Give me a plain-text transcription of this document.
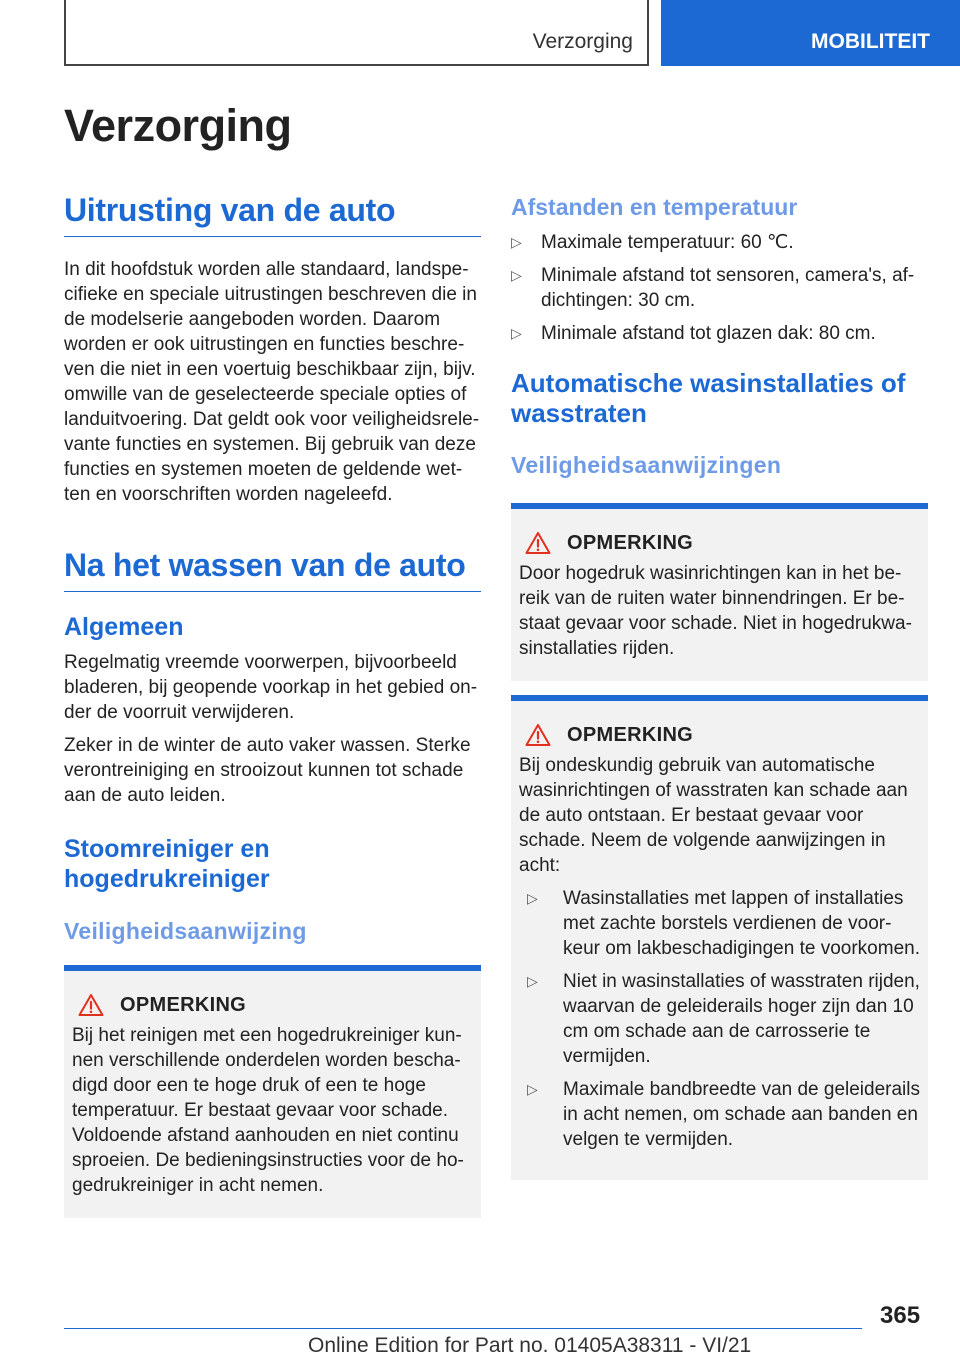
Verzorging	MOBILITEIT
Verzorging
Uitrusting van de auto

In dit hoofdstuk worden alle standaard, landspecifieke en speciale uitrustingen beschreven die in de modelserie aangeboden worden. Daarom worden er ook uitrustingen en functies beschreven die niet in een voertuig beschikbaar zijn, bijv. omwille van de geselecteerde speciale opties of landuitvoering. Dat geldt ook voor veiligheidsrelevante functies en systemen. Bij gebruik van deze functies en systemen moeten de geldende wetten en voorschriften worden nageleefd.

Na het wassen van de auto
Algemeen

Regelmatig vreemde voorwerpen, bijvoorbeeld bladeren, bij geopende voorkap in het gebied onder de voorruit verwijderen.

Zeker in de winter de auto vaker wassen. Sterke verontreiniging en strooizout kunnen tot schade aan de auto leiden.

Stoomreiniger en hogedrukreiniger
Veiligheidsaanwijzing
OPMERKING

Bij het reinigen met een hogedrukreiniger kunnen verschillende onderdelen worden beschadigd door een te hoge druk of een te hoge temperatuur. Er bestaat gevaar voor schade. Voldoende afstand aanhouden en niet continu sproeien. De bedieningsinstructies voor de hogedrukreiniger in acht nemen.

Afstanden en temperatuur
▷ Maximale temperatuur: 60 ℃.
▷ Minimale afstand tot sensoren, camera's, afdichtingen: 30 cm.
▷ Minimale afstand tot glazen dak: 80 cm.
Automatische wasinstallaties of wasstraten
Veiligheidsaanwijzingen
OPMERKING

Door hogedruk wasinrichtingen kan in het bereik van de ruiten water binnendringen. Er bestaat gevaar voor schade. Niet in hogedrukwasinstallaties rijden.

OPMERKING

Bij ondeskundig gebruik van automatische wasinrichtingen of wasstraten kan schade aan de auto ontstaan. Er bestaat gevaar voor schade. Neem de volgende aanwijzingen in acht:

▷ Wasinstallaties met lappen of installaties met zachte borstels verdienen de voorkeur om lakbeschadigingen te voorkomen.
▷ Niet in wasinstallaties of wasstraten rijden, waarvan de geleiderails hoger zijn dan 10 cm om schade aan de carrosserie te vermijden.
▷ Maximale bandbreedte van de geleiderails in acht nemen, om schade aan banden en velgen te vermijden.
365
Online Edition for Part no. 01405A38311 - VI/21
